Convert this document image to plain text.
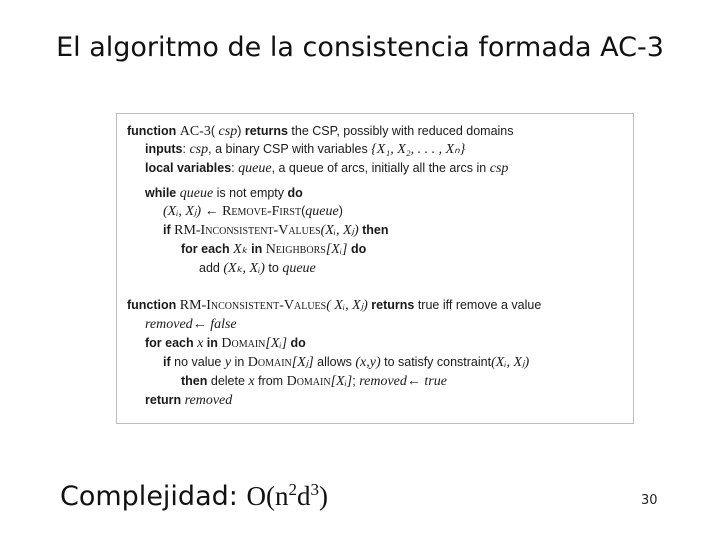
El algoritmo de la consistencia formada AC-3
function AC-3( csp) returns the CSP, possibly with reduced domains
inputs: csp, a binary CSP with variables {X₁, X₂, . . . , Xₙ}
local variables: queue, a queue of arcs, initially all the arcs in csp
while queue is not empty do
(Xᵢ, Xⱼ) ← Remove-First(queue)
if RM-Inconsistent-Values(Xᵢ, Xⱼ) then
for each Xₖ in Neighbors[Xᵢ] do
add (Xₖ, Xᵢ) to queue
function RM-Inconsistent-Values( Xᵢ, Xⱼ) returns true iff remove a value
removed← false
for each x in Domain[Xᵢ] do
if no value y in Domain[Xⱼ] allows (x,y) to satisfy constraint(Xᵢ, Xⱼ)
then delete x from Domain[Xᵢ]; removed← true
return removed
Complejidad: $O(n^2d^3)$	30
